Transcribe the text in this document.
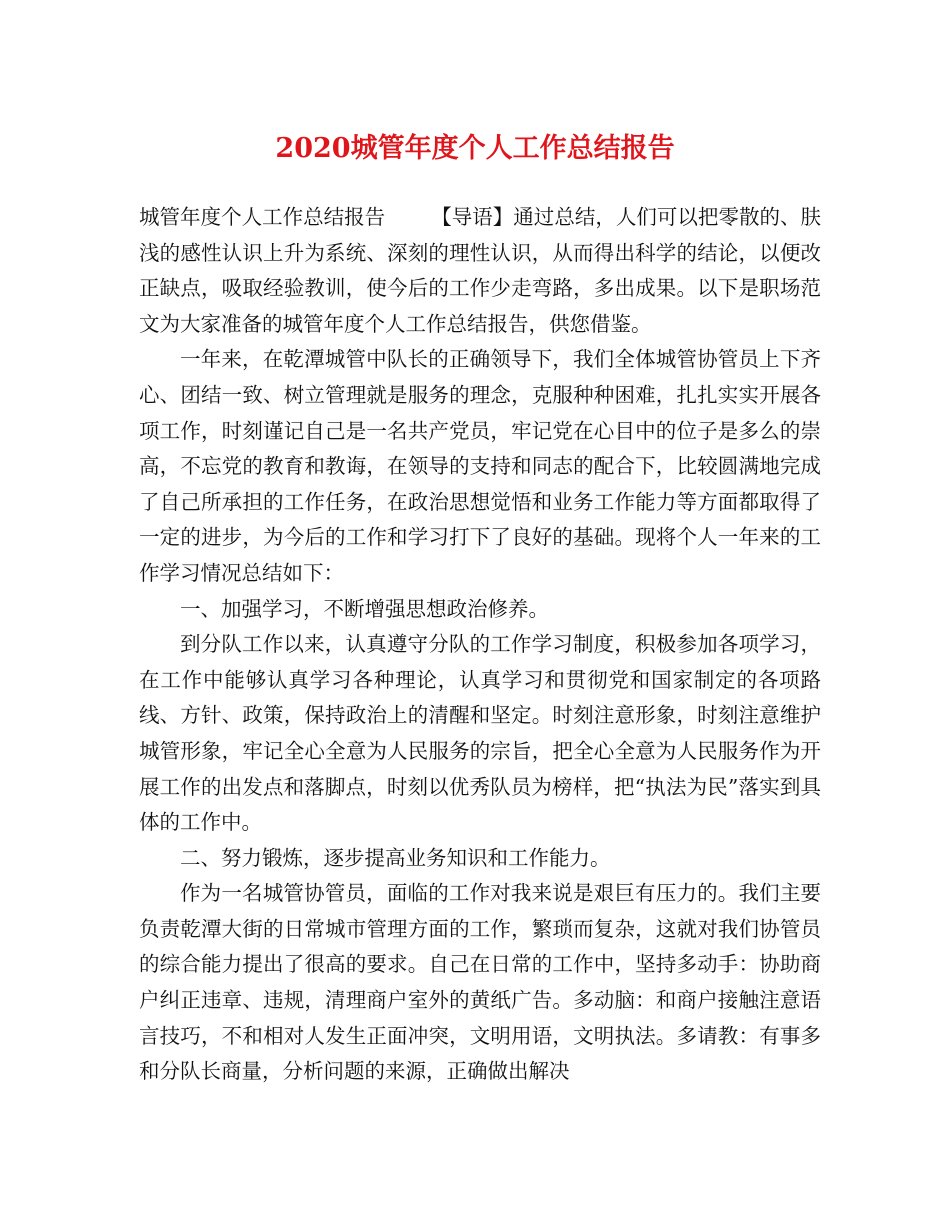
2020城管年度个人工作总结报告

城管年度个人工作总结报告 【导语】通过总结，人们可以把零散的、肤浅的感性认识上升为系统、深刻的理性认识，从而得出科学的结论，以便改正缺点，吸取经验教训，使今后的工作少走弯路，多出成果。以下是职场范文为大家准备的城管年度个人工作总结报告，供您借鉴。

一年来，在乾潭城管中队长的正确领导下，我们全体城管协管员上下齐心、团结一致、树立管理就是服务的理念，克服种种困难，扎扎实实开展各项工作，时刻谨记自己是一名共产党员，牢记党在心目中的位子是多么的崇高，不忘党的教育和教诲，在领导的支持和同志的配合下，比较圆满地完成了自己所承担的工作任务，在政治思想觉悟和业务工作能力等方面都取得了一定的进步，为今后的工作和学习打下了良好的基础。现将个人一年来的工作学习情况总结如下：

一、加强学习，不断增强思想政治修养。

到分队工作以来，认真遵守分队的工作学习制度，积极参加各项学习，在工作中能够认真学习各种理论，认真学习和贯彻党和国家制定的各项路线、方针、政策，保持政治上的清醒和坚定。时刻注意形象，时刻注意维护城管形象，牢记全心全意为人民服务的宗旨，把全心全意为人民服务作为开展工作的出发点和落脚点，时刻以优秀队员为榜样，把“执法为民”落实到具体的工作中。

二、努力锻炼，逐步提高业务知识和工作能力。

作为一名城管协管员，面临的工作对我来说是艰巨有压力的。我们主要负责乾潭大街的日常城市管理方面的工作，繁琐而复杂，这就对我们协管员的综合能力提出了很高的要求。自己在日常的工作中，坚持多动手：协助商户纠正违章、违规，清理商户室外的黄纸广告。多动脑：和商户接触注意语言技巧，不和相对人发生正面冲突，文明用语，文明执法。多请教：有事多和分队长商量，分析问题的来源，正确做出解决
